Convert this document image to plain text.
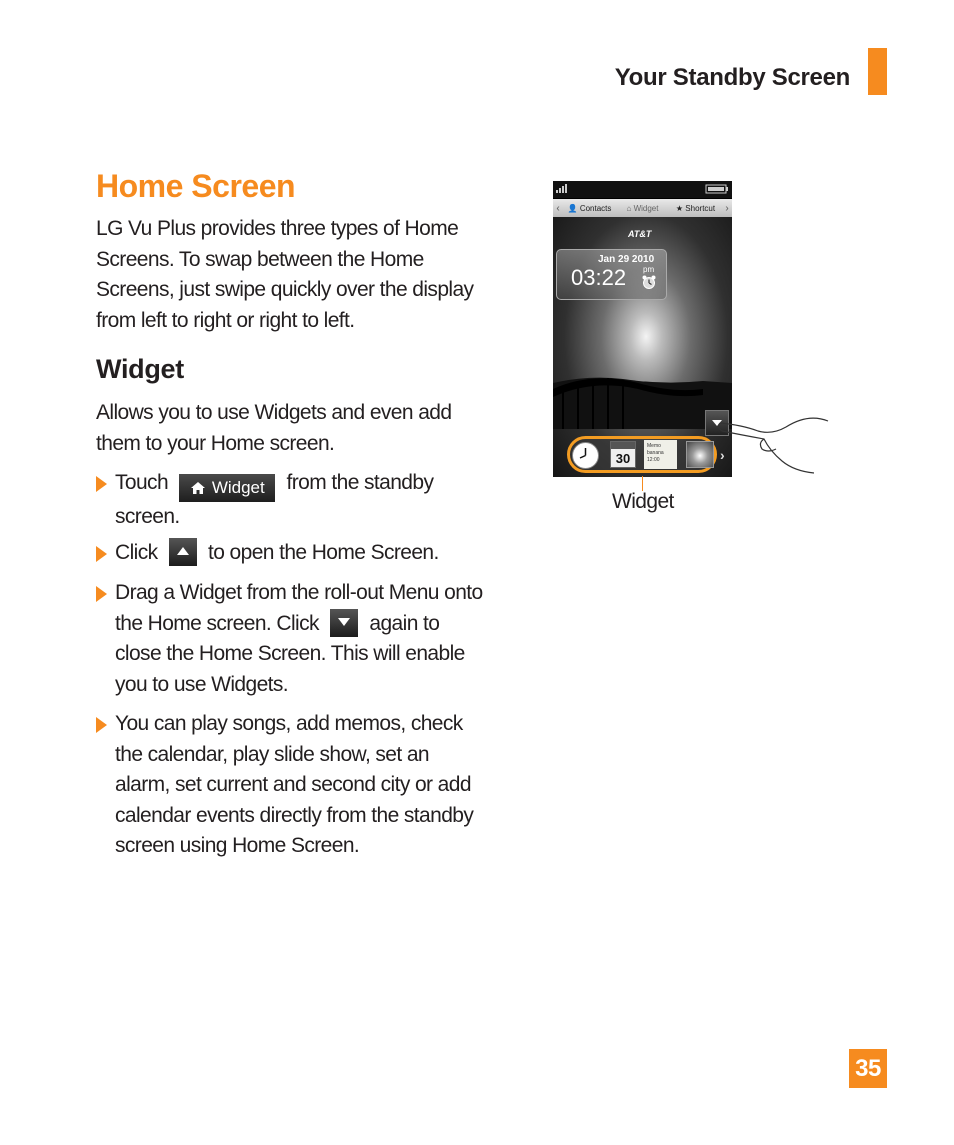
Your Standby Screen
Home Screen
LG Vu Plus provides three types of Home Screens. To swap between the Home Screens, just swipe quickly over the display from left to right or right to left.
Widget
Allows you to use Widgets and even add them to your Home screen.
Touch	Widget from the standby screen.
Click to open the Home Screen.
Drag a Widget from the roll-out Menu onto the Home screen. Click again to close the Home Screen. This will enable you to use Widgets.
You can play songs, add memos, check the calendar, play slide show, set an alarm, set current and second city or add calendar events directly from the standby screen using Home Screen.
‹ 👤 Contacts	⌂ Widget	★ Shortcut	›
AT&T
Jan 29 2010
03:22 pm
30
Memo
banana
12:00	›
Widget
35
